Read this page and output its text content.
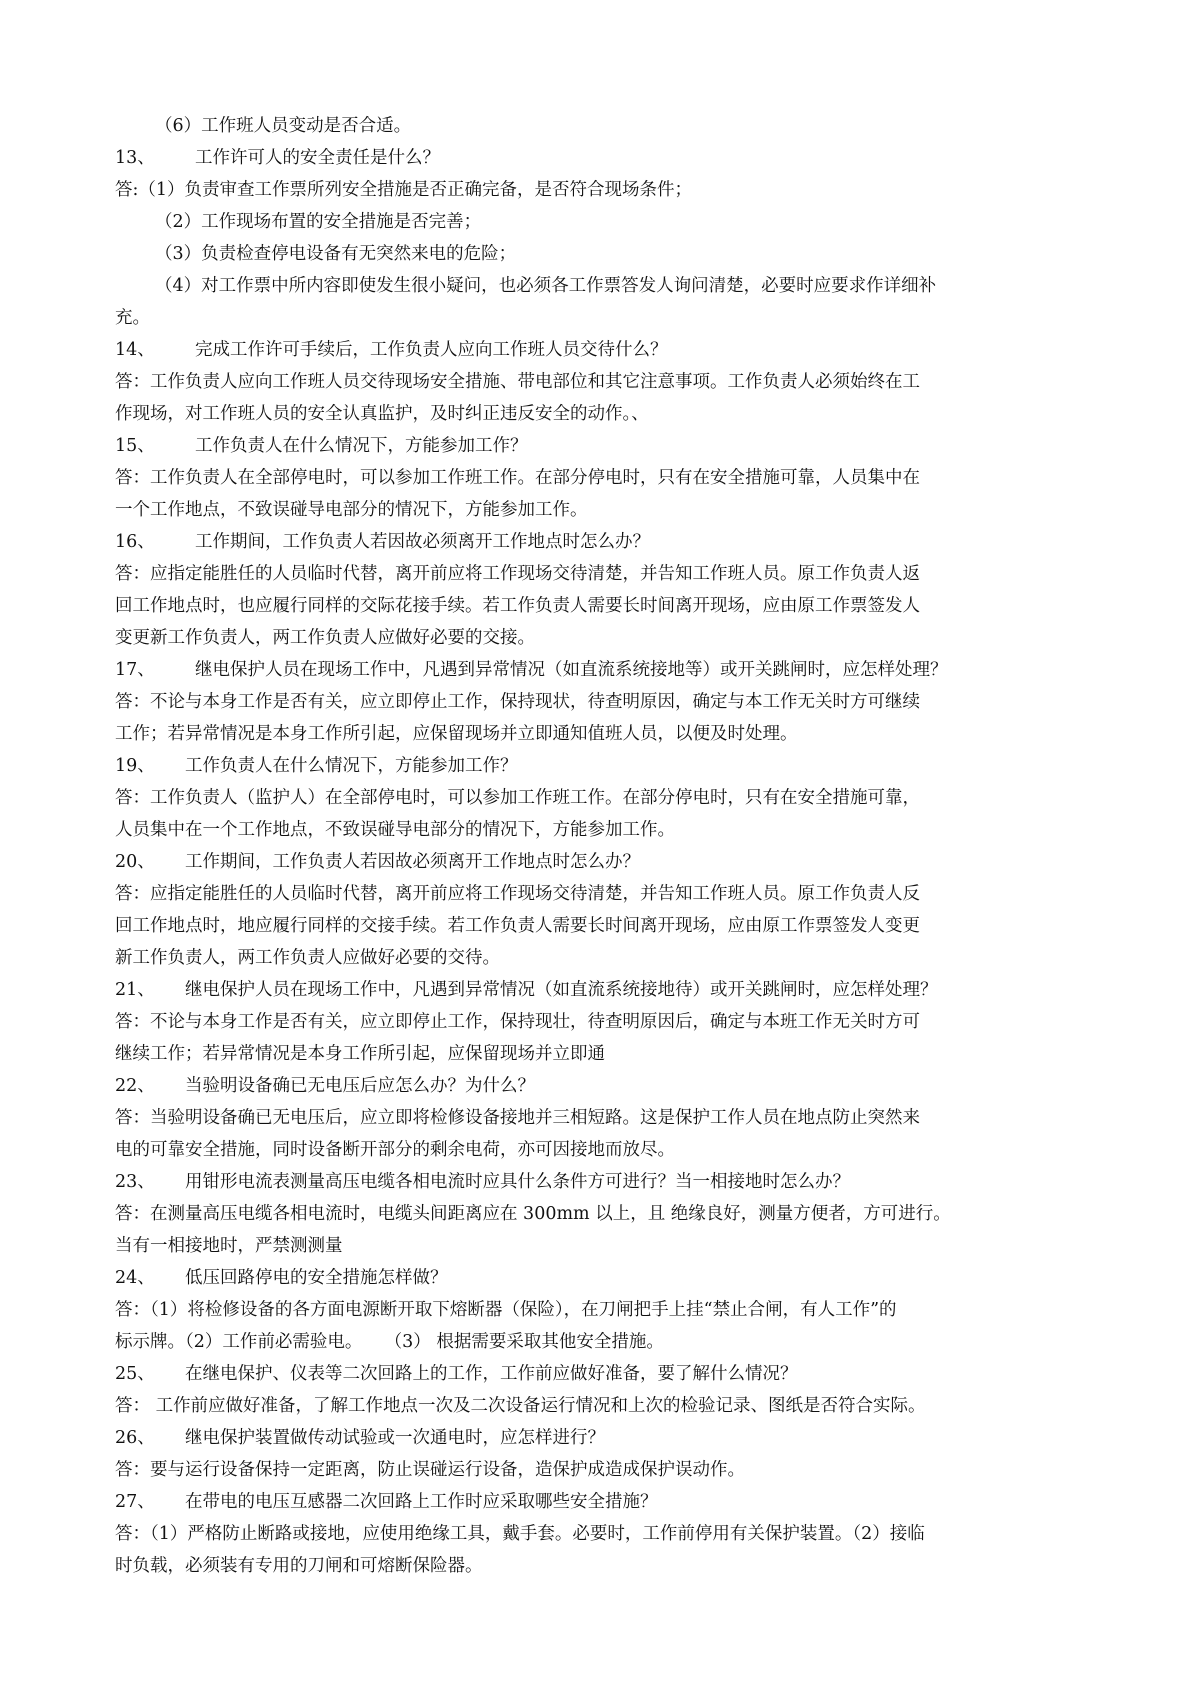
（6）工作班人员变动是否合适。

13、 工作许可人的安全责任是什么？

答:（1）负责审查工作票所列安全措施是否正确完备，是否符合现场条件；

（2）工作现场布置的安全措施是否完善；

（3）负责检查停电设备有无突然来电的危险；

（4）对工作票中所内容即使发生很小疑问，也必须各工作票答发人询问清楚，必要时应要求作详细补

充。

14、 完成工作许可手续后，工作负责人应向工作班人员交待什么？

答：工作负责人应向工作班人员交待现场安全措施、带电部位和其它注意事项。工作负责人必须始终在工

作现场，对工作班人员的安全认真监护，及时纠正违反安全的动作。、

15、 工作负责人在什么情况下，方能参加工作？

答：工作负责人在全部停电时，可以参加工作班工作。在部分停电时，只有在安全措施可靠，人员集中在

一个工作地点，不致误碰导电部分的情况下，方能参加工作。

16、 工作期间，工作负责人若因故必须离开工作地点时怎么办？

答：应指定能胜任的人员临时代替，离开前应将工作现场交待清楚，并告知工作班人员。原工作负责人返

回工作地点时，也应履行同样的交际花接手续。若工作负责人需要长时间离开现场，应由原工作票签发人

变更新工作负责人，两工作负责人应做好必要的交接。

17、 继电保护人员在现场工作中，凡遇到异常情况（如直流系统接地等）或开关跳闸时，应怎样处理？

答：不论与本身工作是否有关，应立即停止工作，保持现状，待查明原因，确定与本工作无关时方可继续

工作；若异常情况是本身工作所引起，应保留现场并立即通知值班人员，以便及时处理。

19、 工作负责人在什么情况下，方能参加工作？

答：工作负责人（监护人）在全部停电时，可以参加工作班工作。在部分停电时，只有在安全措施可靠，

人员集中在一个工作地点，不致误碰导电部分的情况下，方能参加工作。

20、 工作期间，工作负责人若因故必须离开工作地点时怎么办？

答：应指定能胜任的人员临时代替，离开前应将工作现场交待清楚，并告知工作班人员。原工作负责人反

回工作地点时，地应履行同样的交接手续。若工作负责人需要长时间离开现场，应由原工作票签发人变更

新工作负责人，两工作负责人应做好必要的交待。

21、 继电保护人员在现场工作中，凡遇到异常情况（如直流系统接地待）或开关跳闸时，应怎样处理？

答：不论与本身工作是否有关，应立即停止工作，保持现壮，待查明原因后，确定与本班工作无关时方可

继续工作；若异常情况是本身工作所引起，应保留现场并立即通

22、 当验明设备确已无电压后应怎么办？为什么？

答：当验明设备确已无电压后，应立即将检修设备接地并三相短路。这是保护工作人员在地点防止突然来

电的可靠安全措施，同时设备断开部分的剩余电荷，亦可因接地而放尽。

23、 用钳形电流表测量高压电缆各相电流时应具什么条件方可进行？当一相接地时怎么办？

答：在测量高压电缆各相电流时，电缆头间距离应在 300mm 以上，且 绝缘良好，测量方便者，方可进行。

当有一相接地时，严禁测测量

24、 低压回路停电的安全措施怎样做？

答：（1）将检修设备的各方面电源断开取下熔断器（保险），在刀闸把手上挂“禁止合闸，有人工作”的

标示牌。（2）工作前必需验电。    （3） 根据需要采取其他安全措施。

25、 在继电保护、仪表等二次回路上的工作，工作前应做好准备，要了解什么情况？

答： 工作前应做好准备，了解工作地点一次及二次设备运行情况和上次的检验记录、图纸是否符合实际。

26、 继电保护装置做传动试验或一次通电时，应怎样进行？

答：要与运行设备保持一定距离，防止误碰运行设备，造保护成造成保护误动作。

27、 在带电的电压互感器二次回路上工作时应采取哪些安全措施？

答：（1）严格防止断路或接地，应使用绝缘工具，戴手套。必要时，工作前停用有关保护装置。（2）接临

时负载，必须装有专用的刀闸和可熔断保险器。
